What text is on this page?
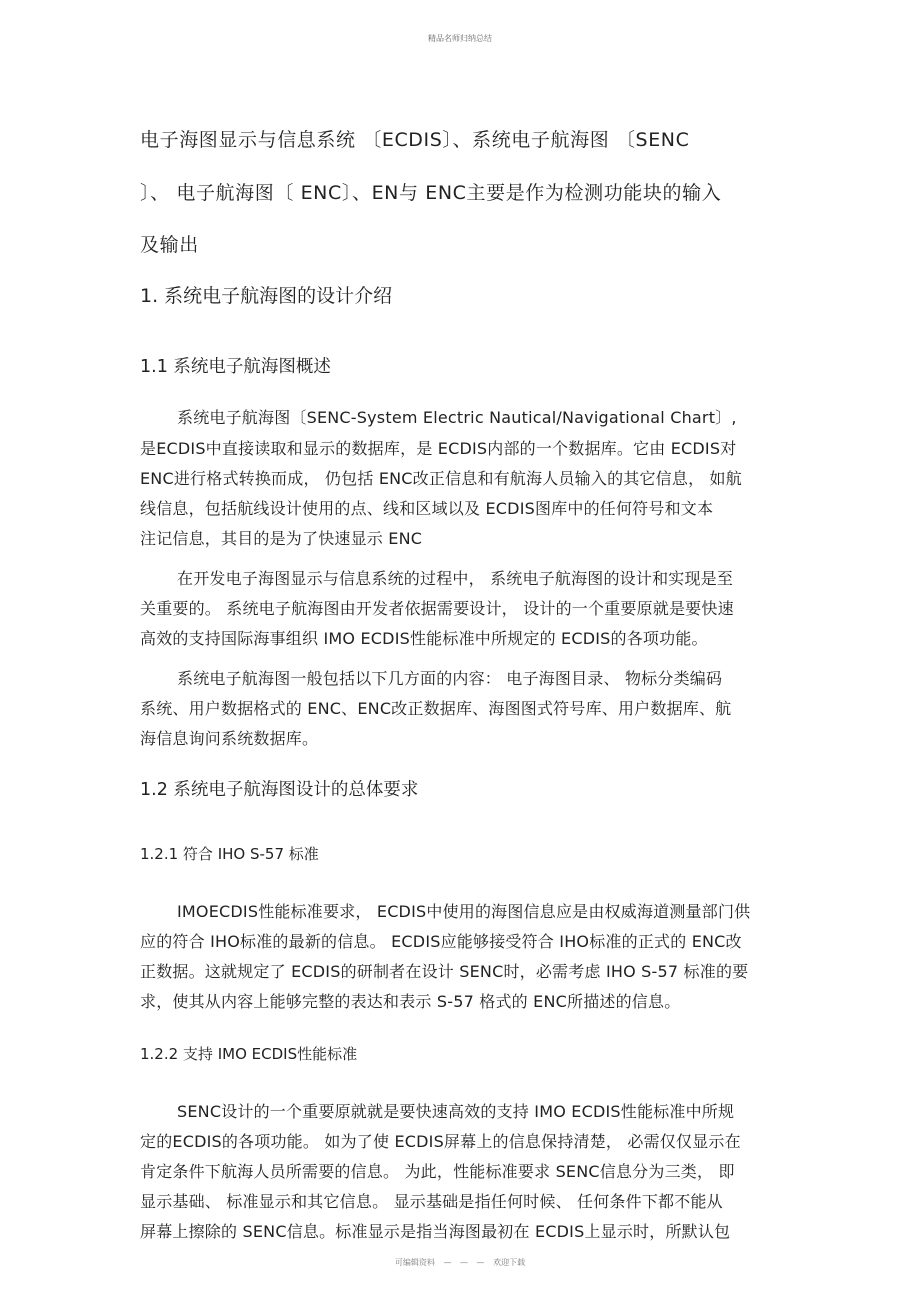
精品名师归纳总结
电子海图显示与信息系统 〔ECDIS〕、系统电子航海图 〔SENC
〕、 电子航海图〔 ENC〕、EN与 ENC主要是作为检测功能块的输入
及输出
1. 系统电子航海图的设计介绍
1.1 系统电子航海图概述
系统电子航海图〔SENC-System Electric Nautical/Navigational Chart〕,
是ECDIS中直接读取和显示的数据库，是 ECDIS内部的一个数据库。它由 ECDIS对
ENC进行格式转换而成， 仍包括 ENC改正信息和有航海人员输入的其它信息， 如航
线信息，包括航线设计使用的点、线和区域以及 ECDIS图库中的任何符号和文本
注记信息，其目的是为了快速显示 ENC
在开发电子海图显示与信息系统的过程中， 系统电子航海图的设计和实现是至
关重要的。 系统电子航海图由开发者依据需要设计， 设计的一个重要原就是要快速
高效的支持国际海事组织 IMO ECDIS性能标准中所规定的 ECDIS的各项功能。
系统电子航海图一般包括以下几方面的内容： 电子海图目录、 物标分类编码
系统、用户数据格式的 ENC、ENC改正数据库、海图图式符号库、用户数据库、航
海信息询问系统数据库。
1.2 系统电子航海图设计的总体要求
1.2.1 符合 IHO S-57 标准
IMOECDIS性能标准要求， ECDIS中使用的海图信息应是由权威海道测量部门供
应的符合 IHO标准的最新的信息。 ECDIS应能够接受符合 IHO标准的正式的 ENC改
正数据。这就规定了 ECDIS的研制者在设计 SENC时，必需考虑 IHO S-57 标准的要
求，使其从内容上能够完整的表达和表示 S-57 格式的 ENC所描述的信息。
1.2.2 支持 IMO ECDIS性能标准
SENC设计的一个重要原就就是要快速高效的支持 IMO ECDIS性能标准中所规
定的ECDIS的各项功能。 如为了使 ECDIS屏幕上的信息保持清楚， 必需仅仅显示在
肯定条件下航海人员所需要的信息。 为此，性能标准要求 SENC信息分为三类， 即
显示基础、 标准显示和其它信息。 显示基础是指任何时候、 任何条件下都不能从
屏幕上擦除的 SENC信息。标准显示是指当海图最初在 ECDIS上显示时，所默认包
可编辑资料 — — — 欢迎下载
